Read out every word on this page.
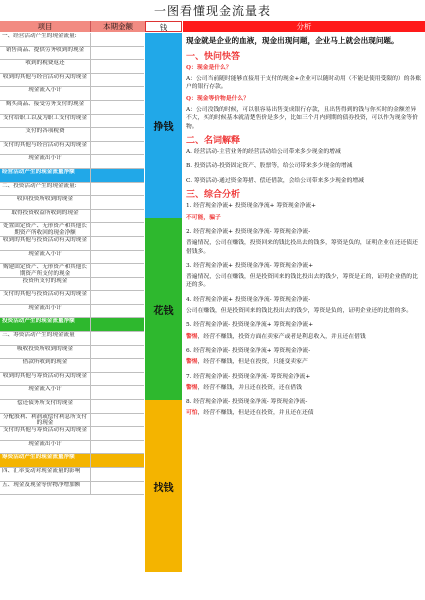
一图看懂现金流量表
项目	本期金额	钱	分析
一、经营活动产生的现金流量:
销售商品、提供劳务收到的现金
收到的税费返还
收到的其他与经营活动有关的现金
现金流入小计
购买商品、接受劳务支付的现金
支付给职工以及为职工支付的现金
支付的各项税费
支付的其他与经营活动有关的现金
现金流出小计
经营活动产生的现金流量净额
二、投资活动产生的现金流量:
收回投资所收到的现金
取得投资收益所收到的现金
处置固定资产、无形资产和其他长期资产所收回的现金净额
收到的其他与投资活动有关的现金
现金流入小计
购建固定资产、无形资产和其他长期资产所支付的现金
投资所支付的现金
支付的其他与投资活动有关的现金
现金流出小计
投资活动产生的现金流量净额
三、筹资活动产生的现金流量
吸收投资所收到的现金
借款所收到的现金
收到的其他与筹资活动有关的现金
现金流入小计
偿还债务所支付的现金
分配股利、利润或偿付利息所支付的现金
支付的其他与筹资活动有关的现金
现金流出小计
筹资活动产生的现金流量净额
四、汇率变动对现金流量的影响
五、现金及现金等价物净增加额
挣钱
花钱
找钱
现金就是企业的血液，现金出现问题，企业马上就会出现问题。
一、快问快答

Q：现金是什么？

A：公司当前随时能够直接用于支付的现金+企业可以随时动用（不能是使用受限的）的各账户的银行存款。

Q：现金等价物是什么？

A：公司没钱的时候，可以很容易出售变成银行存款，且出售得到的钱与你买时的金额差异不大，买的时候基本就清楚售价是多少，比如三个月内到期的债券投资，可以作为现金等价物。

二、名词解释

A. 经营活动-主营业务的经营活动给公司带来多少现金的增减

B. 投资活动-投资固定资产、股票等，给公司带来多少现金的增减

C. 筹资活动-通过资金筹措、偿还借款，会给公司带来多少现金的增减

三、综合分析

1. 经营现金净流+ 投资现金净流+ 筹资现金净流+

不可能，骗子

2. 经营现金净流+ 投资现金净流- 筹资现金净流-

普遍情况，公司在赚钱，投资回来的钱比投出去的钱多，筹资是负的，证明企业在还还债还借钱多。

3. 经营现金净流+ 投资现金净流- 筹资现金净流+

普遍情况，公司在赚钱，但是投资回来的钱比投出去的钱少，筹资是正的，证明企业借的比还的多。

4. 经营现金净流+ 投资现金净流- 筹资现金净流-

公司在赚钱，但是投资回来的钱比投出去的钱少，筹资是负的，证明企业还的比借的多。

5. 经营现金净流- 投资现金净流+ 筹资现金净流+

警惕，经营不赚钱，投资方面在卖家产或者是利息收入，并且还在借钱

6. 经营现金净流- 投资现金净流+ 筹资现金净流-

警惕，经营不赚钱，但是在投资，只能变卖家产

7. 经营现金净流- 投资现金净流- 筹资现金净流+

警惕，经营不赚钱，并且还在投资，还在借钱

8. 经营现金净流- 投资现金净流- 筹资现金净流-

可怕，经营不赚钱，但是还在投资，并且还在还债
